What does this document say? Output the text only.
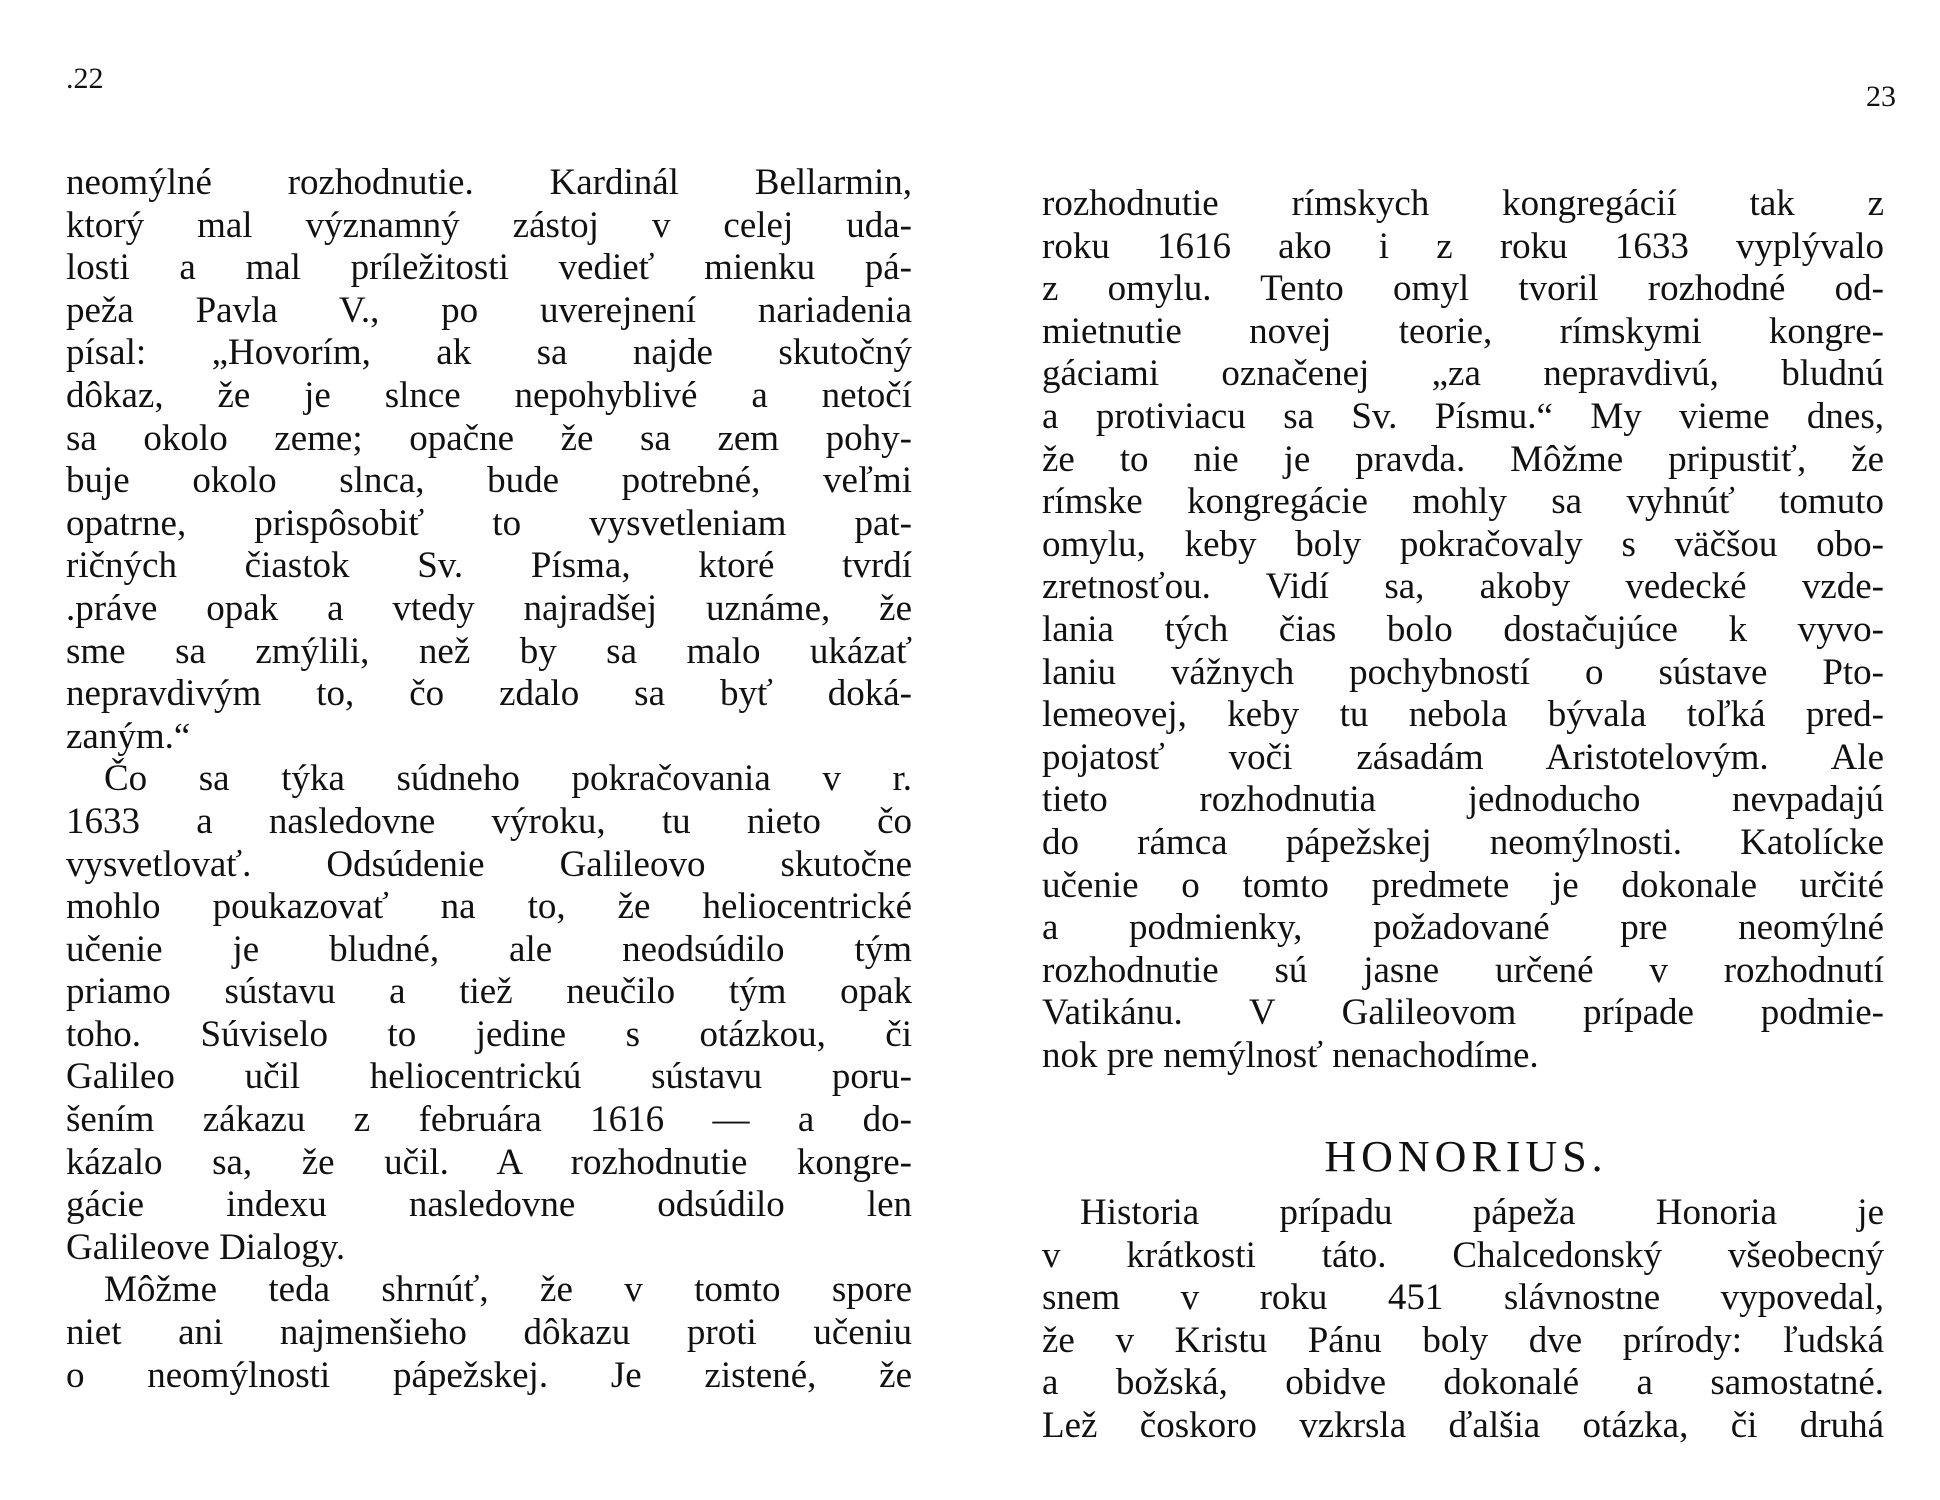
.22
neomýlné rozhodnutie. Kardinál Bellarmin,
ktorý mal významný zástoj v celej uda-
losti a mal príležitosti vedieť mienku pá-
peža Pavla V., po uverejnení nariadenia
písal: „Hovorím, ak sa najde skutočný
dôkaz, že je slnce nepohyblivé a netočí
sa okolo zeme; opačne že sa zem pohy-
buje okolo slnca, bude potrebné, veľmi
opatrne, prispôsobiť to vysvetleniam pat-
ričných čiastok Sv. Písma, ktoré tvrdí
.práve opak a vtedy najradšej uznáme, že
sme sa zmýlili, než by sa malo ukázať
nepravdivým to, čo zdalo sa byť doká-
zaným.“
Čo sa týka súdneho pokračovania v r.
1633 a nasledovne výroku, tu nieto čo
vysvetlovať. Odsúdenie Galileovo skutočne
mohlo poukazovať na to, že heliocentrické
učenie je bludné, ale neodsúdilo tým
priamo sústavu a tiež neučilo tým opak
toho. Súviselo to jedine s otázkou, či
Galileo učil heliocentrickú sústavu poru-
šením zákazu z februára 1616 — a do-
kázalo sa, že učil. A rozhodnutie kongre-
gácie indexu nasledovne odsúdilo len
Galileove Dialogy.
Môžme teda shrnúť, že v tomto spore
niet ani najmenšieho dôkazu proti učeniu
o neomýlnosti pápežskej. Je zistené, že
23
rozhodnutie rímskych kongregácií tak z
roku 1616 ako i z roku 1633 vyplývalo
z omylu. Tento omyl tvoril rozhodné od-
mietnutie novej teorie, rímskymi kongre-
gáciami označenej „za nepravdivú, bludnú
a protiviacu sa Sv. Písmu.“ My vieme dnes,
že to nie je pravda. Môžme pripustiť, že
rímske kongregácie mohly sa vyhnúť tomuto
omylu, keby boly pokračovaly s väčšou obo-
zretnosťou. Vidí sa, akoby vedecké vzde-
lania tých čias bolo dostačujúce k vyvo-
laniu vážnych pochybností o sústave Pto-
lemeovej, keby tu nebola bývala toľká pred-
pojatosť voči zásadám Aristotelovým. Ale
tieto rozhodnutia jednoducho nevpadajú
do rámca pápežskej neomýlnosti. Katolícke
učenie o tomto predmete je dokonale určité
a podmienky, požadované pre neomýlné
rozhodnutie sú jasne určené v rozhodnutí
Vatikánu. V Galileovom prípade podmie-
nok pre nemýlnosť nenachodíme.
HONORIUS.
Historia prípadu pápeža Honoria je
v krátkosti táto. Chalcedonský všeobecný
snem v roku 451 slávnostne vypovedal,
že v Kristu Pánu boly dve prírody: ľudská
a božská, obidve dokonalé a samostatné.
Lež čoskoro vzkrsla ďalšia otázka, či druhá
